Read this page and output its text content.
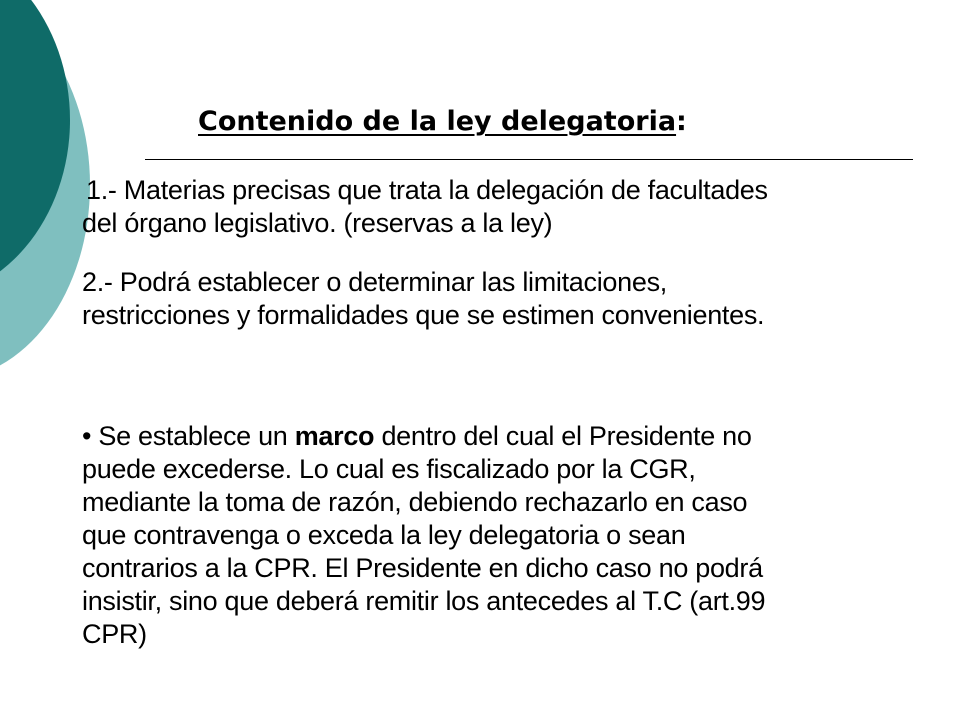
Contenido de la ley delegatoria:
1.- Materias precisas que trata la delegación de facultades
del órgano legislativo. (reservas a la ley)
2.- Podrá establecer o determinar las limitaciones,
restricciones y formalidades que se estimen convenientes.
• Se establece un marco dentro del cual el Presidente no
puede excederse. Lo cual es fiscalizado por la CGR,
mediante la toma de razón, debiendo rechazarlo en caso
que contravenga o exceda la ley delegatoria o sean
contrarios a la CPR. El Presidente en dicho caso no podrá
insistir, sino que deberá remitir los antecedes al T.C (art.99
CPR)
